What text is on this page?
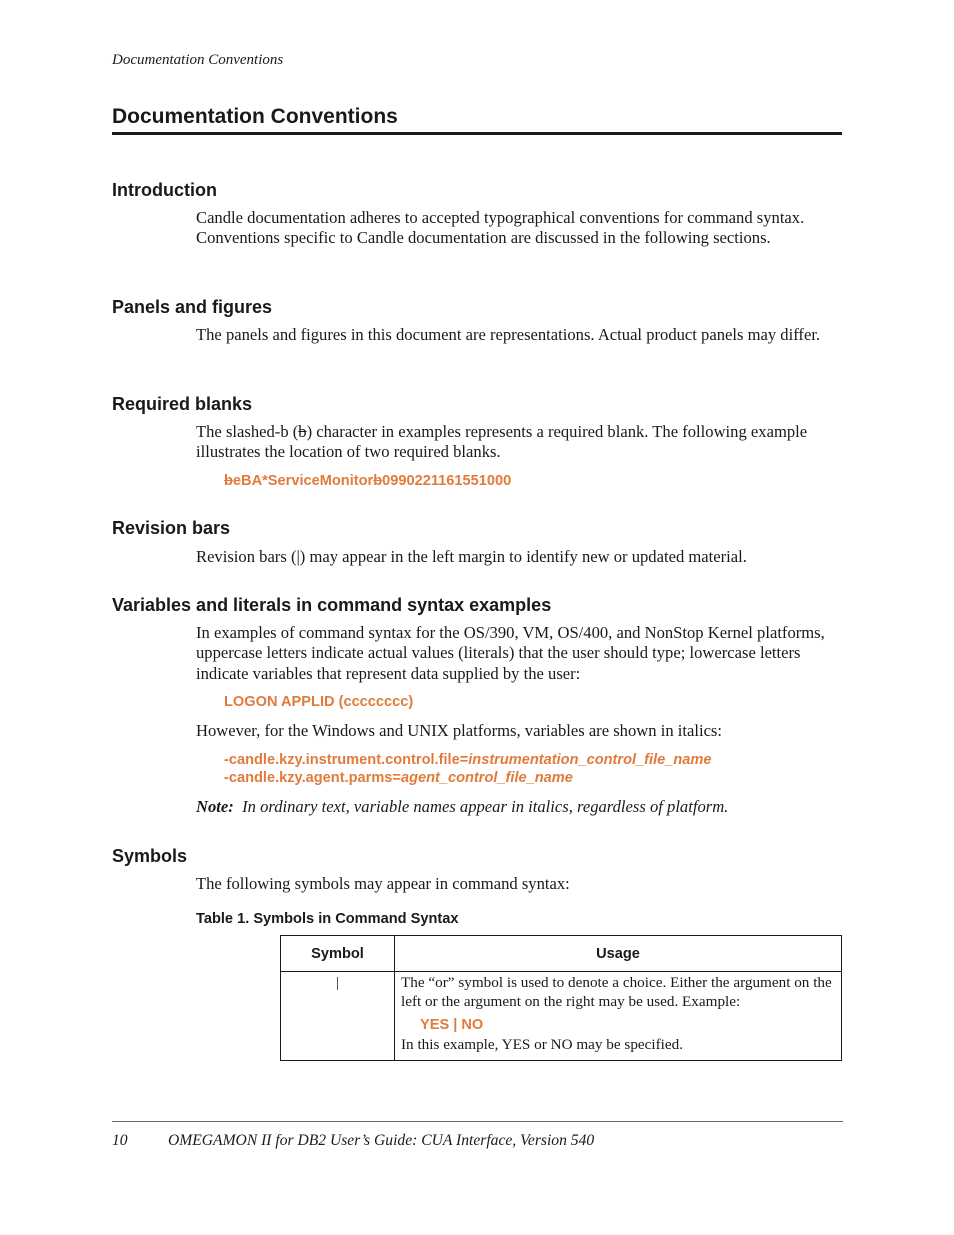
Documentation Conventions
Documentation Conventions
Introduction
Candle documentation adheres to accepted typographical conventions for command syntax. Conventions specific to Candle documentation are discussed in the following sections.
Panels and figures
The panels and figures in this document are representations. Actual product panels may differ.
Required blanks
The slashed-b (b) character in examples represents a required blank. The following example illustrates the location of two required blanks.
beBA*ServiceMonitorb0990221161551000
Revision bars
Revision bars (|) may appear in the left margin to identify new or updated material.
Variables and literals in command syntax examples
In examples of command syntax for the OS/390, VM, OS/400, and NonStop Kernel platforms, uppercase letters indicate actual values (literals) that the user should type; lowercase letters indicate variables that represent data supplied by the user:
LOGON APPLID (cccccccc)
However, for the Windows and UNIX platforms, variables are shown in italics:
-candle.kzy.instrument.control.file=instrumentation_control_file_name
-candle.kzy.agent.parms=agent_control_file_name
Note: In ordinary text, variable names appear in italics, regardless of platform.
Symbols
The following symbols may appear in command syntax:
Table 1. Symbols in Command Syntax
Symbol	Usage
|	The “or” symbol is used to denote a choice. Either the argument on the left or the argument on the right may be used. Example:
YES | NO
In this example, YES or NO may be specified.
10	OMEGAMON II for DB2 User’s Guide: CUA Interface, Version 540
